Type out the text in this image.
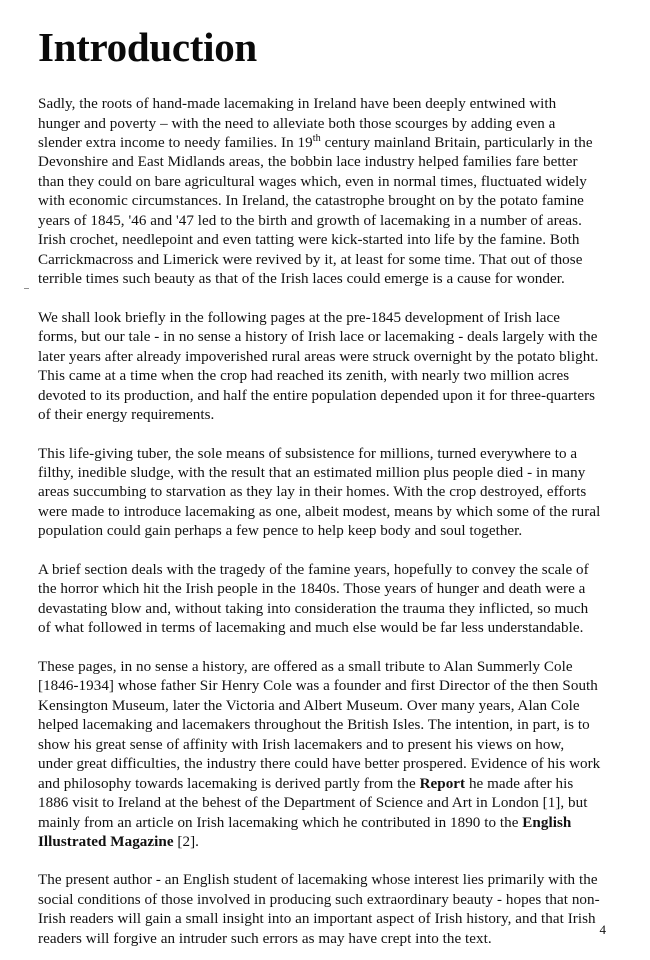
Introduction

Sadly, the roots of hand-made lacemaking in Ireland have been deeply entwined with hunger and poverty – with the need to alleviate both those scourges by adding even a slender extra income to needy families. In 19th century mainland Britain, particularly in the Devonshire and East Midlands areas, the bobbin lace industry helped families fare better than they could on bare agricultural wages which, even in normal times, fluctuated widely with economic circumstances. In Ireland, the catastrophe brought on by the potato famine years of 1845, '46 and '47 led to the birth and growth of lacemaking in a number of areas. Irish crochet, needlepoint and even tatting were kick-started into life by the famine. Both Carrickmacross and Limerick were revived by it, at least for some time. That out of those terrible times such beauty as that of the Irish laces could emerge is a cause for wonder.

We shall look briefly in the following pages at the pre-1845 development of Irish lace forms, but our tale - in no sense a history of Irish lace or lacemaking - deals largely with the later years after already impoverished rural areas were struck overnight by the potato blight. This came at a time when the crop had reached its zenith, with nearly two million acres devoted to its production, and half the entire population depended upon it for three-quarters of their energy requirements.

This life-giving tuber, the sole means of subsistence for millions, turned everywhere to a filthy, inedible sludge, with the result that an estimated million plus people died - in many areas succumbing to starvation as they lay in their homes. With the crop destroyed, efforts were made to introduce lacemaking as one, albeit modest, means by which some of the rural population could gain perhaps a few pence to help keep body and soul together.

A brief section deals with the tragedy of the famine years, hopefully to convey the scale of the horror which hit the Irish people in the 1840s. Those years of hunger and death were a devastating blow and, without taking into consideration the trauma they inflicted, so much of what followed in terms of lacemaking and much else would be far less understandable.

These pages, in no sense a history, are offered as a small tribute to Alan Summerly Cole [1846-1934] whose father Sir Henry Cole was a founder and first Director of the then South Kensington Museum, later the Victoria and Albert Museum. Over many years, Alan Cole helped lacemaking and lacemakers throughout the British Isles. The intention, in part, is to show his great sense of affinity with Irish lacemakers and to present his views on how, under great difficulties, the industry there could have better prospered. Evidence of his work and philosophy towards lacemaking is derived partly from the Report he made after his 1886 visit to Ireland at the behest of the Department of Science and Art in London [1], but mainly from an article on Irish lacemaking which he contributed in 1890 to the English Illustrated Magazine [2].

The present author - an English student of lacemaking whose interest lies primarily with the social conditions of those involved in producing such extraordinary beauty - hopes that non-Irish readers will gain a small insight into an important aspect of Irish history, and that Irish readers will forgive an intruder such errors as may have crept into the text.

4
